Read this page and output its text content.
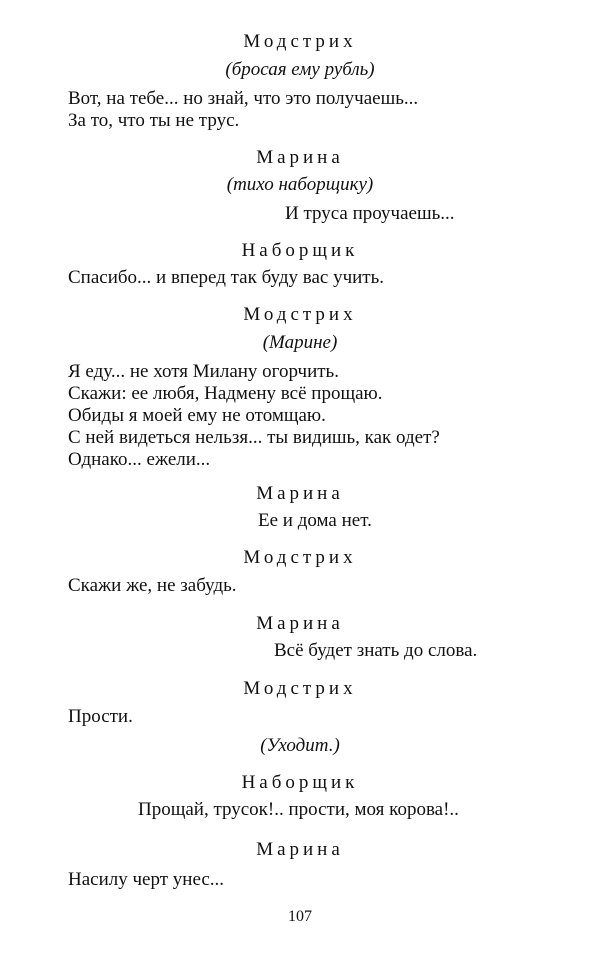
Модстрих
(бросая ему рубль)
Вот, на тебе... но знай, что это получаешь...
За то, что ты не трус.
Марина
(тихо наборщику)
И труса проучаешь...
Наборщик
Спасибо... и вперед так буду вас учить.
Модстрих
(Марине)
Я еду... не хотя Милану огорчить.
Скажи: ее любя, Надмену всё прощаю.
Обиды я моей ему не отомщаю.
С ней видеться нельзя... ты видишь, как одет?
Однако... ежели...
Марина
Ее и дома нет.
Модстрих
Скажи же, не забудь.
Марина
Всё будет знать до слова.
Модстрих
Прости.
(Уходит.)
Наборщик
Прощай, трусок!.. прости, моя корова!..
Марина
Насилу черт унес...
107
